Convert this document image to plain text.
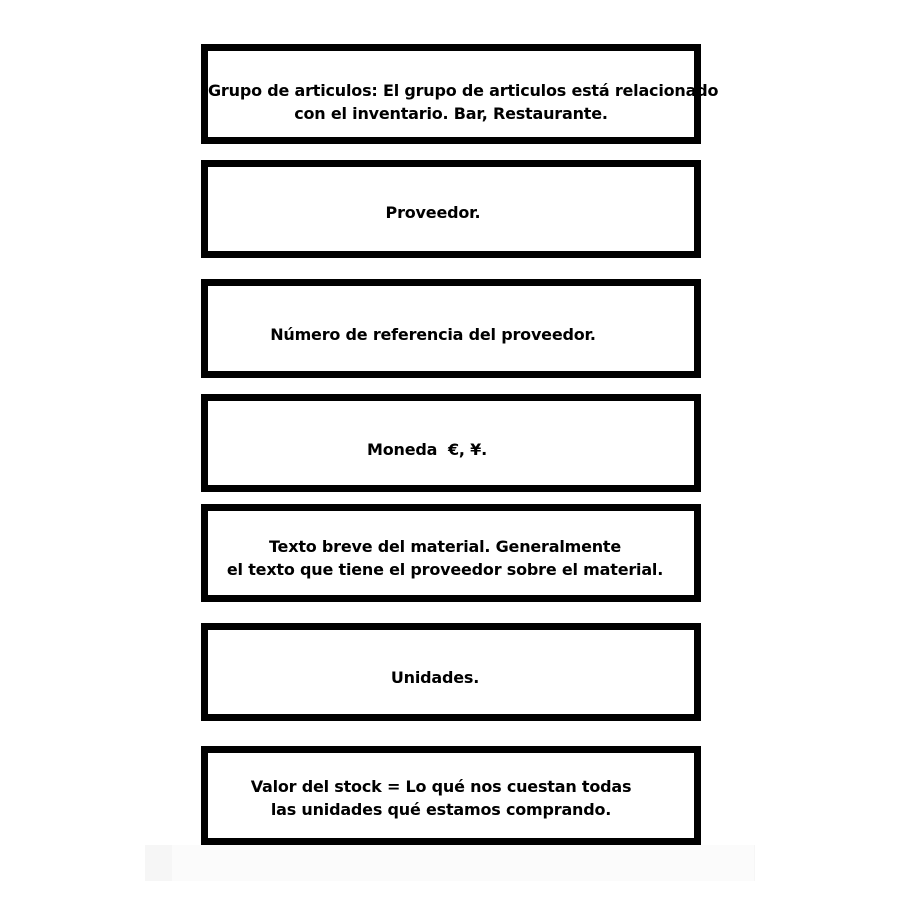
Grupo de articulos: El grupo de articulos está relacionado
con el inventario. Bar, Restaurante.
Proveedor.
Número de referencia del proveedor.
Moneda  €, ¥.
Texto breve del material. Generalmente
el texto que tiene el proveedor sobre el material.
Unidades.
Valor del stock = Lo qué nos cuestan todas
las unidades qué estamos comprando.
